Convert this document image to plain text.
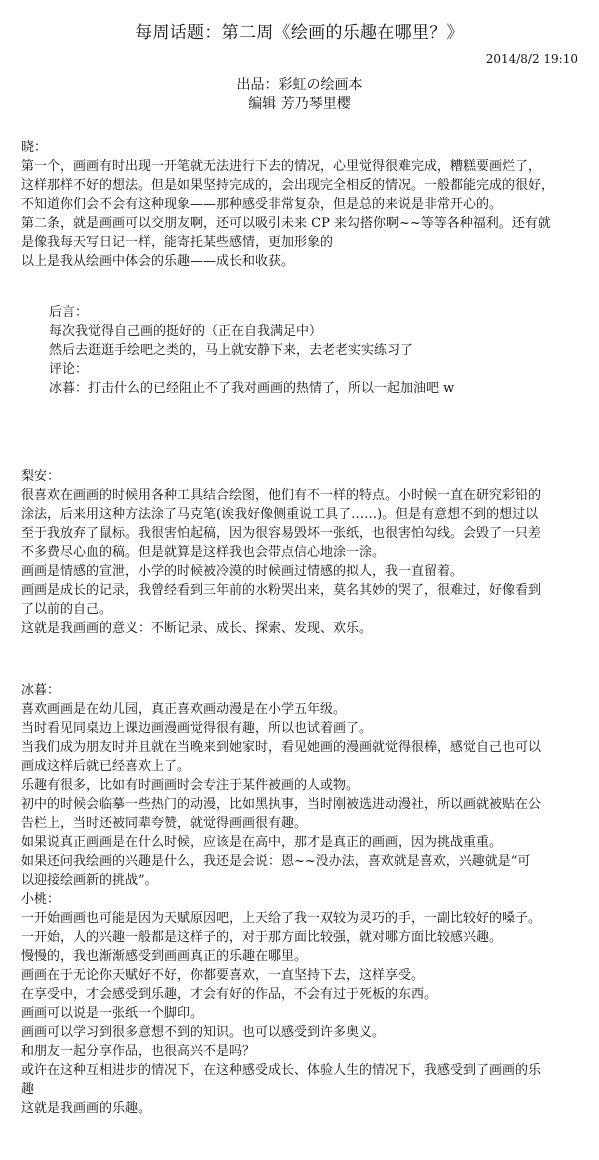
每周话题：第二周《绘画的乐趣在哪里？》
2014/8/2 19:10
出品：彩虹の绘画本
编辑 芳乃琴里樱
晓：
第一个，画画有时出现一开笔就无法进行下去的情况，心里觉得很难完成，糟糕要画烂了，
这样那样不好的想法。但是如果坚持完成的，会出现完全相反的情况。一般都能完成的很好，
不知道你们会不会有这种现象——那种感受非常复杂，但是总的来说是非常开心的。
第二条，就是画画可以交朋友啊，还可以吸引未来 CP 来勾搭你啊~~等等各种福利。还有就
是像我每天写日记一样，能寄托某些感情，更加形象的
以上是我从绘画中体会的乐趣——成长和收获。
后言：
每次我觉得自己画的挺好的（正在自我满足中）
然后去逛逛手绘吧之类的，马上就安静下来，去老老实实练习了
评论：
冰暮：打击什么的已经阻止不了我对画画的热情了，所以一起加油吧 w
梨安：
很喜欢在画画的时候用各种工具结合绘图，他们有不一样的特点。小时候一直在研究彩铅的
涂法，后来用这种方法涂了马克笔(诶我好像侧重说工具了……)。但是有意想不到的想过以
至于我放弃了鼠标。我很害怕起稿，因为很容易毁坏一张纸，也很害怕勾线。会毁了一只差
不多费尽心血的稿。但是就算是这样我也会带点信心地涂一涂。
画画是情感的宣泄，小学的时候被冷漠的时候画过情感的拟人，我一直留着。
画画是成长的记录，我曾经看到三年前的水粉哭出来，莫名其妙的哭了，很难过，好像看到
了以前的自己。
这就是我画画的意义：不断记录、成长、探索、发现、欢乐。
冰暮：
喜欢画画是在幼儿园，真正喜欢画动漫是在小学五年级。
当时看见同桌边上课边画漫画觉得很有趣，所以也试着画了。
当我们成为朋友时并且就在当晚来到她家时，看见她画的漫画就觉得很棒，感觉自己也可以
画成这样后就已经喜欢上了。
乐趣有很多，比如有时画画时会专注于某件被画的人或物。
初中的时候会临摹一些热门的动漫，比如黑执事，当时刚被选进动漫社，所以画就被贴在公
告栏上，当时还被同辈夸赞，就觉得画画很有趣。
如果说真正画画是在什么时候，应该是在高中，那才是真正的画画，因为挑战重重。
如果还问我绘画的兴趣是什么，我还是会说：恩~~没办法，喜欢就是喜欢，兴趣就是“可
以迎接绘画新的挑战”。
小桃：
一开始画画也可能是因为天赋原因吧，上天给了我一双较为灵巧的手，一副比较好的嗓子。
一开始，人的兴趣一般都是这样子的，对于那方面比较强，就对哪方面比较感兴趣。
慢慢的，我也渐渐感受到画画真正的乐趣在哪里。
画画在于无论你天赋好不好，你都要喜欢，一直坚持下去，这样享受。
在享受中，才会感受到乐趣，才会有好的作品，不会有过于死板的东西。
画画可以说是一张纸一个脚印。
画画可以学习到很多意想不到的知识。也可以感受到许多奥义。
和朋友一起分享作品，也很高兴不是吗？
或许在这种互相进步的情况下，在这种感受成长、体验人生的情况下，我感受到了画画的乐
趣
这就是我画画的乐趣。
